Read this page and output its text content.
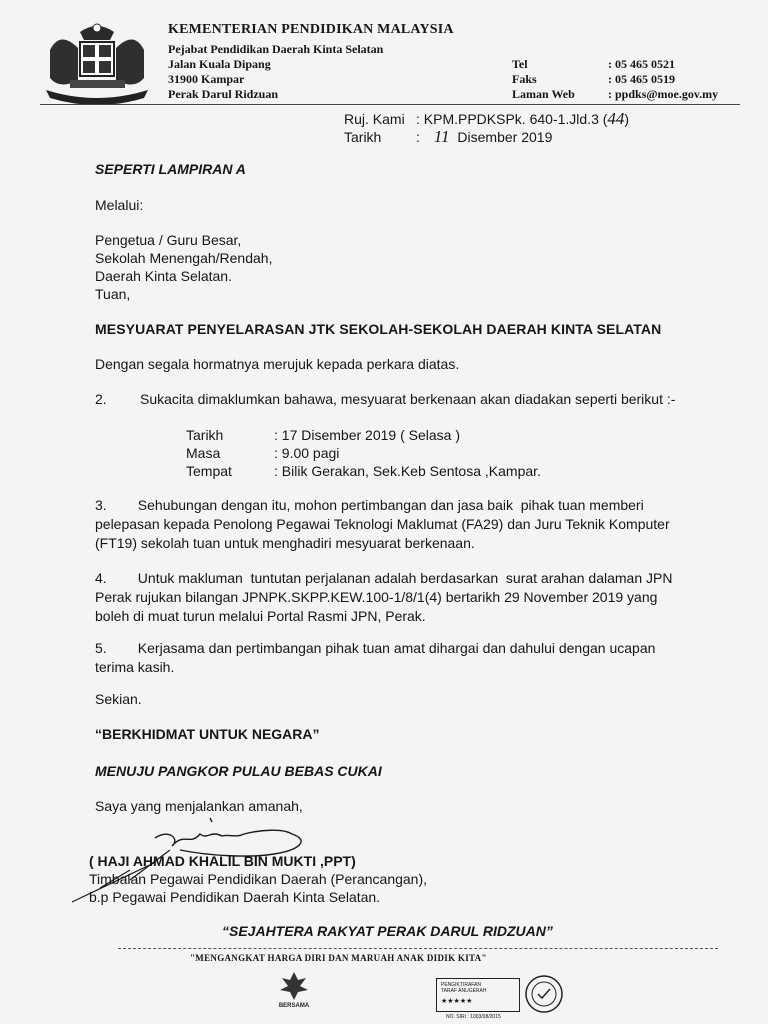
KEMENTERIAN PENDIDIKAN MALAYSIA
Pejabat Pendidikan Daerah Kinta Selatan
Jalan Kuala Dipang
31900 Kampar
Perak Darul Ridzuan
Tel	: 05 465 0521
Faks	: 05 465 0519
Laman Web	: ppdks@moe.gov.my
Ruj. Kami : KPM.PPDKSPk. 640-1.Jld.3 (44)
Tarikh : 11 Disember 2019
SEPERTI LAMPIRAN A
Melalui:
Pengetua / Guru Besar,
Sekolah Menengah/Rendah,
Daerah Kinta Selatan.
Tuan,
MESYUARAT PENYELARASAN JTK SEKOLAH-SEKOLAH DAERAH KINTA SELATAN
Dengan segala hormatnya merujuk kepada perkara diatas.
2. Sukacita dimaklumkan bahawa, mesyuarat berkenaan akan diadakan seperti berikut :-
Tarikh	: 17 Disember 2019 ( Selasa )
Masa	: 9.00 pagi
Tempat	: Bilik Gerakan, Sek.Keb Sentosa ,Kampar.
3.        Sehubungan dengan itu, mohon pertimbangan dan jasa baik  pihak tuan memberi
pelepasan kepada Penolong Pegawai Teknologi Maklumat (FA29) dan Juru Teknik Komputer
(FT19) sekolah tuan untuk menghadiri mesyuarat berkenaan.
4.        Untuk makluman  tuntutan perjalanan adalah berdasarkan  surat arahan dalaman JPN
Perak rujukan bilangan JPNPK.SKPP.KEW.100-1/8/1(4) bertarikh 29 November 2019 yang
boleh di muat turun melalui Portal Rasmi JPN, Perak.
5.        Kerjasama dan pertimbangan pihak tuan amat dihargai dan dahului dengan ucapan
terima kasih.
Sekian.
“BERKHIDMAT UNTUK NEGARA”
MENUJU PANGKOR PULAU BEBAS CUKAI
Saya yang menjalankan amanah,
( HAJI AHMAD KHALIL BIN MUKTI ,PPT)
Timbalan Pegawai Pendidikan Daerah (Perancangan),
b.p Pegawai Pendidikan Daerah Kinta Selatan.
“SEJAHTERA RAKYAT PERAK DARUL RIDZUAN”
"MENGANGKAT HARGA DIRI DAN MARUAH ANAK DIDIK KITA"
BERSAMA
PENGIKTIRAFAN
TARAF ANUGERAH
★★★★★
NO. SIRI : 1003/08/2015
